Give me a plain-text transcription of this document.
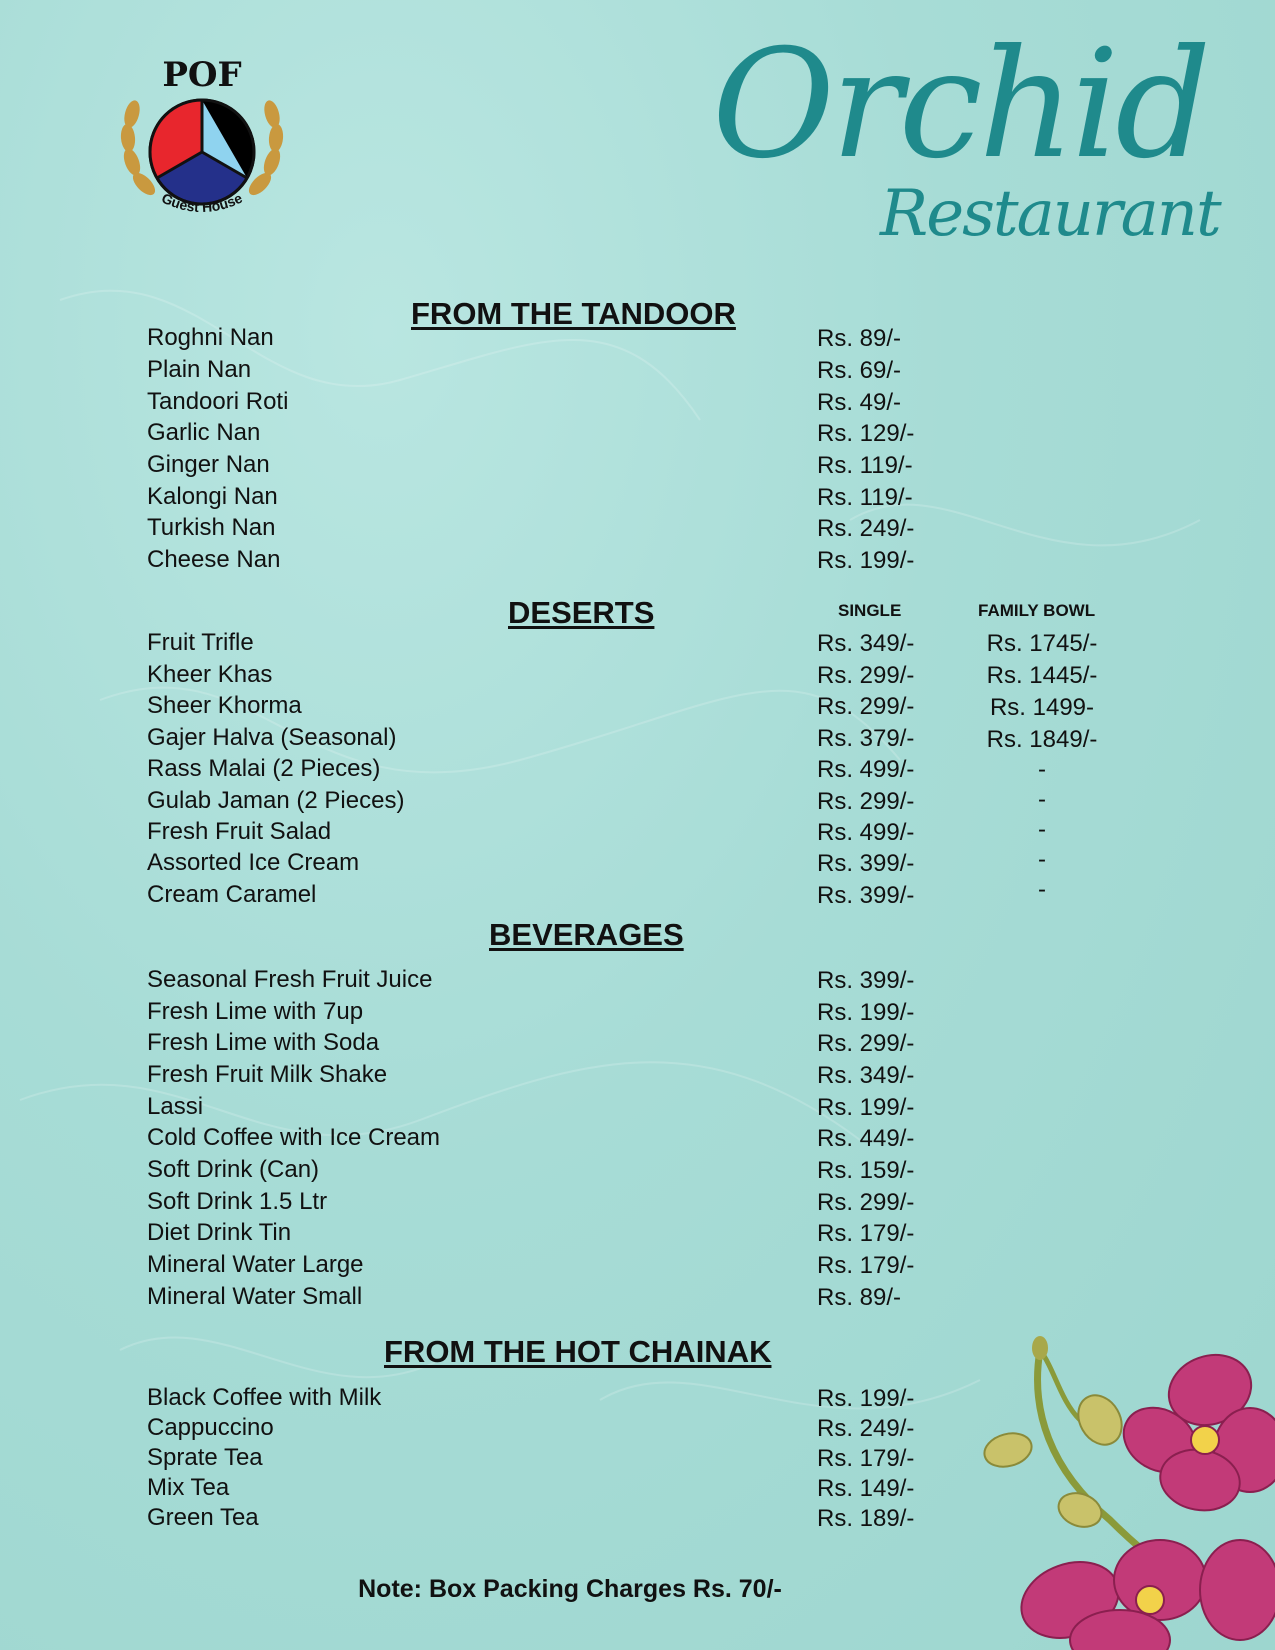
POF
Guest House
Orchid
Restaurant
FROM THE TANDOOR
DESERTS	SINGLE	FAMILY BOWL
BEVERAGES
FROM THE HOT CHAINAK
Roghni Nan	Rs. 89/-
Plain Nan	Rs. 69/-
Tandoori Roti	Rs. 49/-
Garlic Nan	Rs. 129/-
Ginger Nan	Rs. 119/-
Kalongi Nan	Rs. 119/-
Turkish Nan	Rs. 249/-
Cheese Nan	Rs. 199/-
Fruit Trifle	Rs. 349/-	Rs. 1745/-
Kheer Khas	Rs. 299/-	Rs. 1445/-
Sheer Khorma	Rs. 299/-	Rs. 1499-
Gajer Halva (Seasonal)	Rs. 379/-	Rs. 1849/-
Rass Malai (2 Pieces)	Rs. 499/-	-
Gulab Jaman (2 Pieces)	Rs. 299/-	-
Fresh Fruit Salad	Rs. 499/-	-
Assorted Ice Cream	Rs. 399/-	-
Cream Caramel	Rs. 399/-	-
Seasonal Fresh Fruit Juice	Rs. 399/-
Fresh Lime with 7up	Rs. 199/-
Fresh Lime with Soda	Rs. 299/-
Fresh Fruit Milk Shake	Rs. 349/-
Lassi	Rs. 199/-
Cold Coffee with Ice Cream	Rs. 449/-
Soft Drink (Can)	Rs. 159/-
Soft Drink 1.5 Ltr	Rs. 299/-
Diet Drink Tin	Rs. 179/-
Mineral Water Large	Rs. 179/-
Mineral Water Small	Rs. 89/-
Black Coffee with Milk	Rs. 199/-
Cappuccino	Rs. 249/-
Sprate Tea	Rs. 179/-
Mix Tea	Rs. 149/-
Green Tea	Rs. 189/-
Note: Box Packing Charges Rs. 70/-
